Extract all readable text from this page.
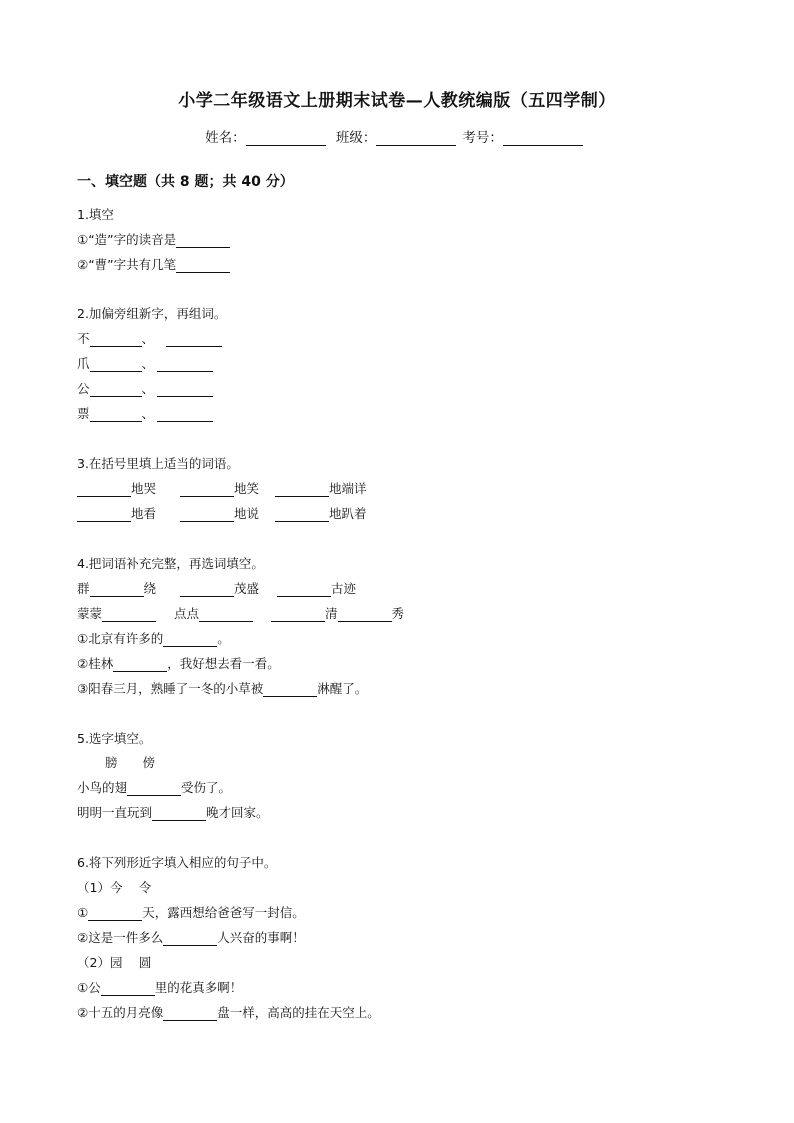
小学二年级语文上册期末试卷—人教统编版（五四学制）
姓名：	班级：	考号：
一、填空题（共 8 题；共 40 分）
1.填空
①“造”字的读音是
②“曹”字共有几笔
2.加偏旁组新字，再组词。
不	、
爪	、
公	、
票	、
3.在括号里填上适当的词语。
地哭	地笑	地端详
地看	地说	地趴着
4.把词语补充完整，再选词填空。
群	绕	茂盛	古迹
蒙蒙	点点	清	秀
①北京有许多的	。
②桂林	，我好想去看一看。
③阳春三月，熟睡了一冬的小草被	淋醒了。
5.选字填空。
膀　　傍
小鸟的翅	受伤了。
明明一直玩到	晚才回家。
6.将下列形近字填入相应的句子中。
（1）今　 令
①	天，露西想给爸爸写一封信。
②这是一件多么	人兴奋的事啊！
（2）园　 圆
①公	里的花真多啊！
②十五的月亮像	盘一样，高高的挂在天空上。
